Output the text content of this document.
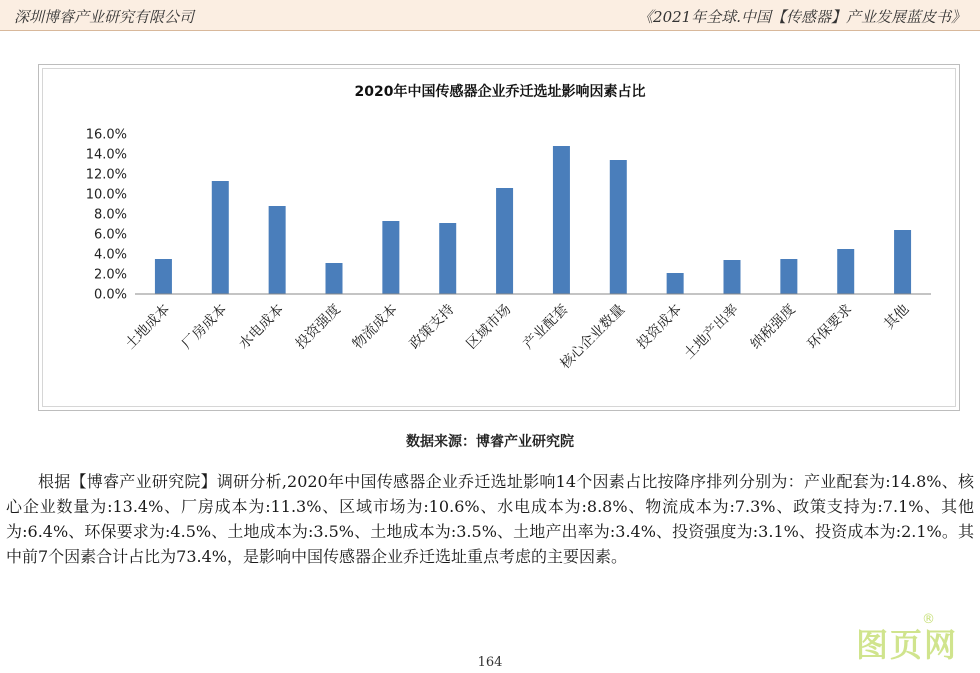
深圳博睿产业研究有限公司	《2021年全球.中国【传感器】产业发展蓝皮书》
2020年中国传感器企业乔迁选址影响因素占比
0.0%
2.0%
4.0%
6.0%
8.0%
10.0%
12.0%
14.0%
16.0%
土地成本 厂房成本 水电成本 投资强度 物流成本 政策支持 区域市场 产业配套
核心企业数量 投资成本
土地产出率 纳税强度 环保要求 其他
数据来源：博睿产业研究院

根据【博睿产业研究院】调研分析,2020年中国传感器企业乔迁选址影响14个因素占比按降序排列分别为：产业配套为:14.8%、核心企业数量为:13.4%、厂房成本为:11.3%、区域市场为:10.6%、水电成本为:8.8%、物流成本为:7.3%、政策支持为:7.1%、其他为:6.4%、环保要求为:4.5%、土地成本为:3.5%、土地成本为:3.5%、土地产出率为:3.4%、投资强度为:3.1%、投资成本为:2.1%。其中前7个因素合计占比为73.4%，是影响中国传感器企业乔迁选址重点考虑的主要因素。

164	图页网
®
